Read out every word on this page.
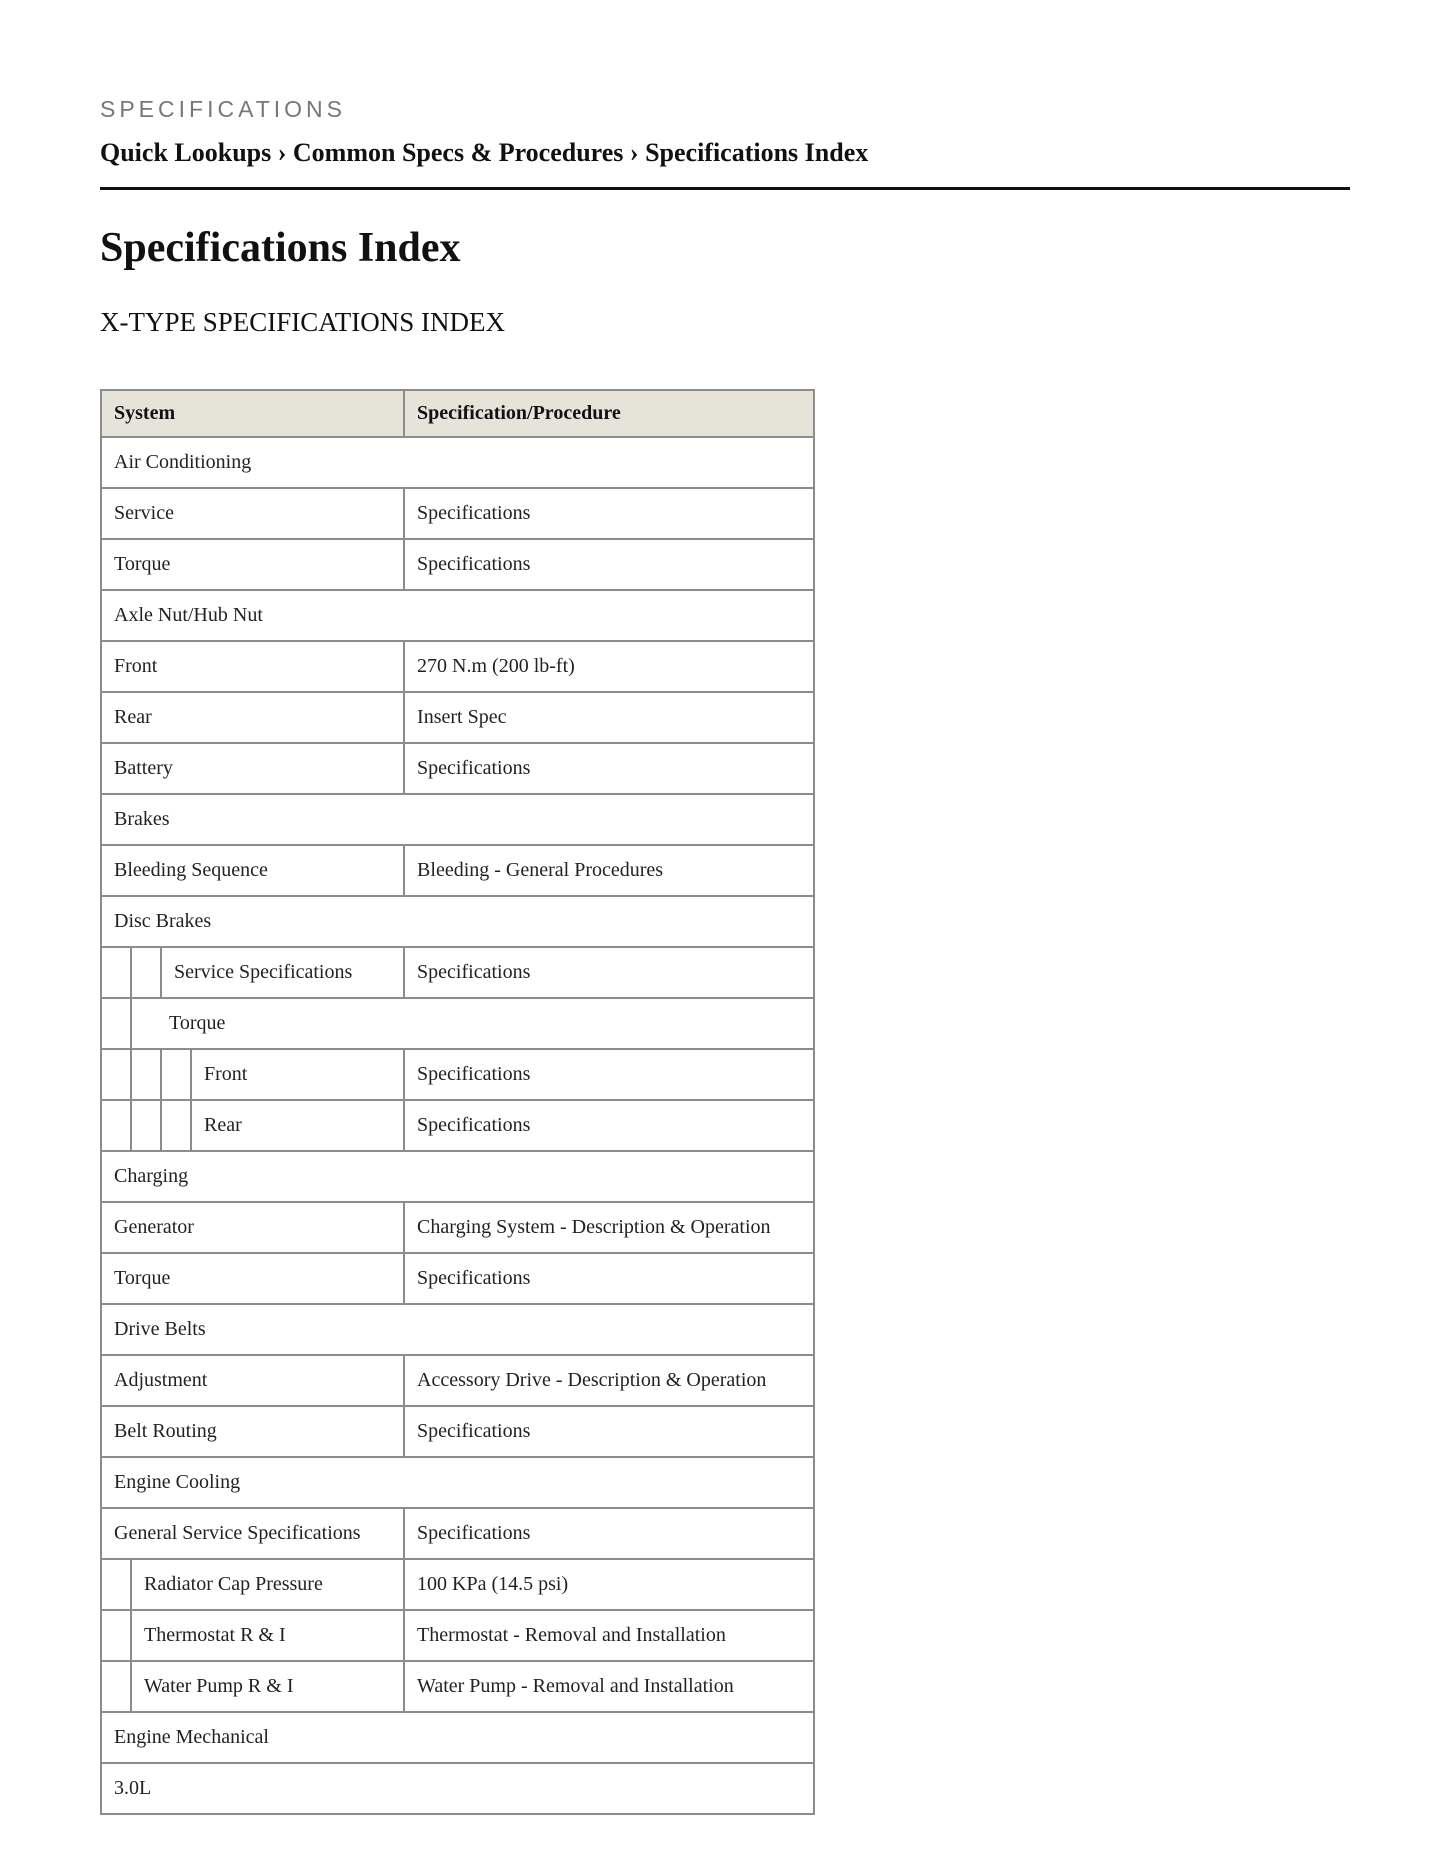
SPECIFICATIONS
Quick Lookups › Common Specs & Procedures › Specifications Index
Specifications Index
X-TYPE SPECIFICATIONS INDEX
System				Specification/Procedure
Air Conditioning				
Service				Specifications
Torque				Specifications
Axle Nut/Hub Nut				
Front				270 N.m (200 lb-ft)
Rear				Insert Spec
Battery				Specifications
Brakes				
Bleeding Sequence				Bleeding - General Procedures
Disc Brakes				
		Service Specifications		Specifications
	Torque			
			Front	Specifications
			Rear	Specifications
Charging				
Generator				Charging System - Description & Operation
Torque				Specifications
Drive Belts				
Adjustment				Accessory Drive - Description & Operation
Belt Routing				Specifications
Engine Cooling				
General Service Specifications				Specifications
	Radiator Cap Pressure			100 KPa (14.5 psi)
	Thermostat R & I			Thermostat - Removal and Installation
	Water Pump R & I			Water Pump - Removal and Installation
Engine Mechanical				
3.0L				
